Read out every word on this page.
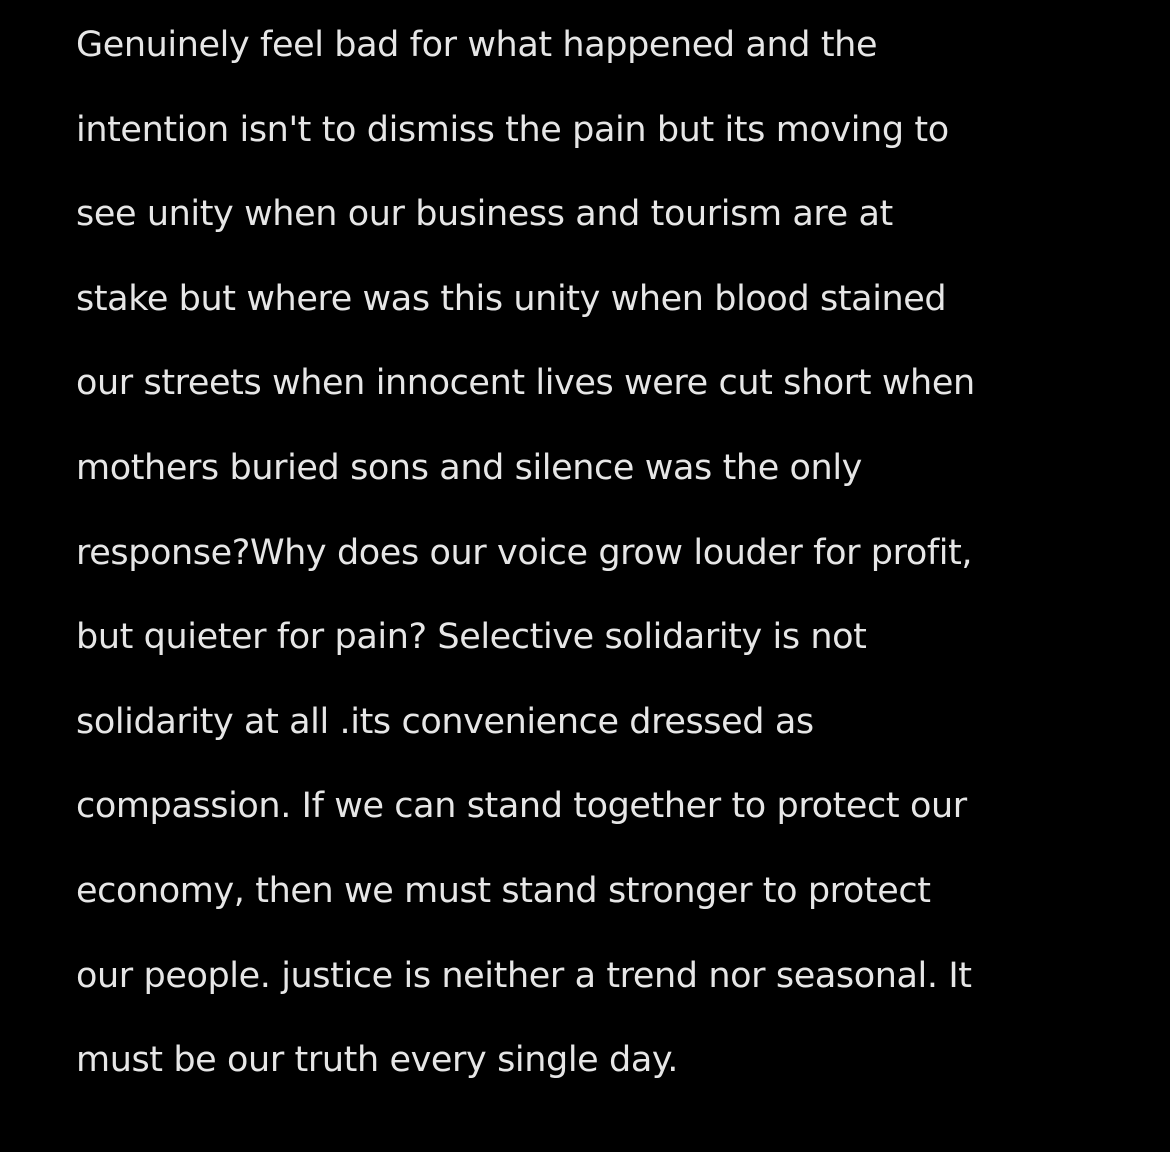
Genuinely feel bad for what happened and the
intention isn't to dismiss the pain but its moving to
see unity when our business and tourism are at
stake but where was this unity when blood stained
our streets when innocent lives were cut short when
mothers buried sons and silence was the only
response?Why does our voice grow louder for profit,
but quieter for pain? Selective solidarity is not
solidarity at all .its convenience dressed as
compassion. If we can stand together to protect our
economy, then we must stand stronger to protect
our people. justice is neither a trend nor seasonal. It
must be our truth every single day.
